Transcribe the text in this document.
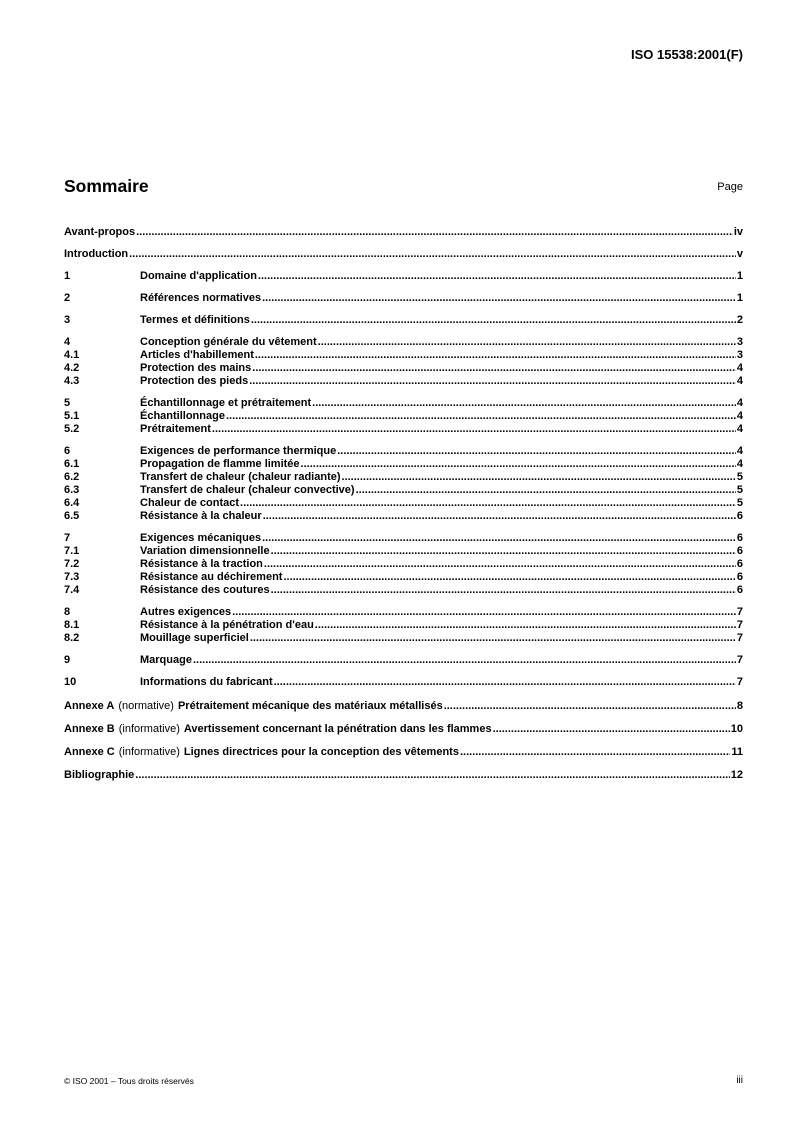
ISO 15538:2001(F)
Sommaire	Page
Avant-propos .....	iv
Introduction .....	v
1	Domaine d'application .....	1
2	Références normatives .....	1
3	Termes et définitions .....	2
4	Conception générale du vêtement .....	3
4.1	Articles d'habillement .....	3
4.2	Protection des mains .....	4
4.3	Protection des pieds .....	4
5	Échantillonnage et prétraitement .....	4
5.1	Échantillonnage .....	4
5.2	Prétraitement .....	4
6	Exigences de performance thermique .....	4
6.1	Propagation de flamme limitée .....	4
6.2	Transfert de chaleur (chaleur radiante) .....	5
6.3	Transfert de chaleur (chaleur convective) .....	5
6.4	Chaleur de contact .....	5
6.5	Résistance à la chaleur .....	6
7	Exigences mécaniques .....	6
7.1	Variation dimensionnelle .....	6
7.2	Résistance à la traction .....	6
7.3	Résistance au déchirement .....	6
7.4	Résistance des coutures .....	6
8	Autres exigences .....	7
8.1	Résistance à la pénétration d'eau .....	7
8.2	Mouillage superficiel .....	7
9	Marquage .....	7
10	Informations du fabricant .....	7
Annexe A (normative) Prétraitement mécanique des matériaux métallisés .....	8
Annexe B (informative) Avertissement concernant la pénétration dans les flammes .....	10
Annexe C (informative) Lignes directrices pour la conception des vêtements .....	11
Bibliographie .....	12
© ISO 2001 – Tous droits réservés	iii
